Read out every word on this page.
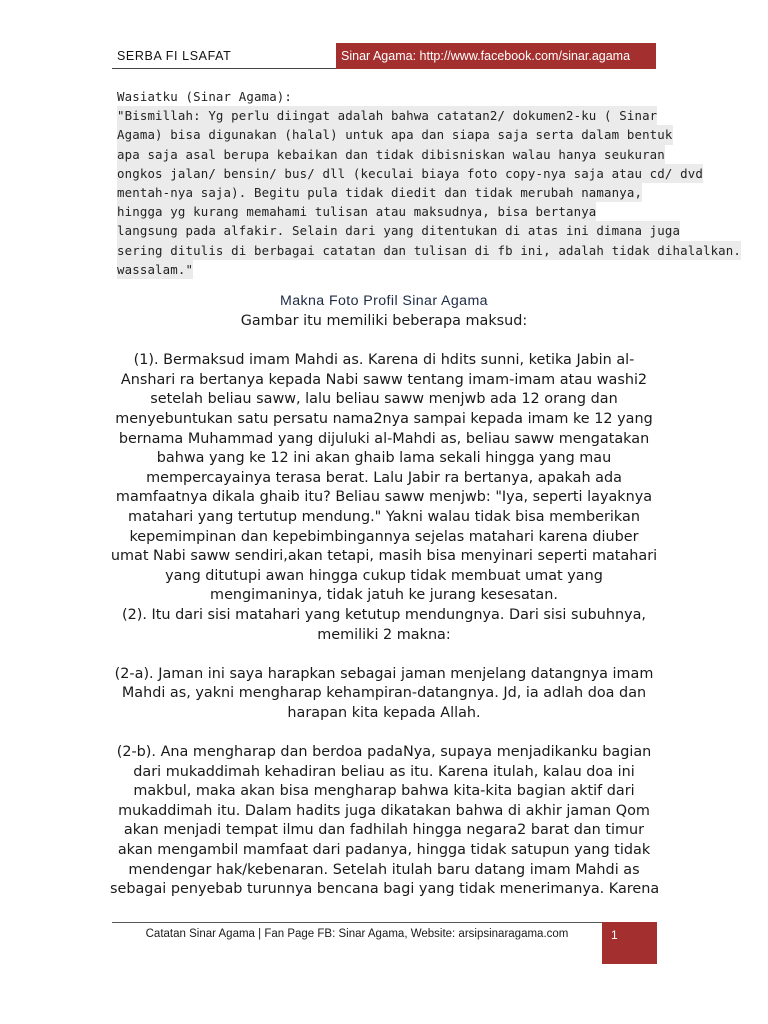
SERBA FI LSAFAT	Sinar Agama: http://www.facebook.com/sinar.agama
Wasiatku (Sinar Agama):
"Bismillah: Yg perlu diingat adalah bahwa catatan2/ dokumen2-ku ( Sinar
Agama) bisa digunakan (halal) untuk apa dan siapa saja serta dalam bentuk
apa saja asal berupa kebaikan dan tidak dibisniskan walau hanya seukuran
ongkos jalan/ bensin/ bus/ dll (keculai biaya foto copy-nya saja atau cd/ dvd
mentah-nya saja). Begitu pula tidak diedit dan tidak merubah namanya,
hingga yg kurang memahami tulisan atau maksudnya, bisa bertanya
langsung pada alfakir. Selain dari yang ditentukan di atas ini dimana juga
sering ditulis di berbagai catatan dan tulisan di fb ini, adalah tidak dihalalkan.
wassalam."
Makna Foto Profil Sinar Agama
Gambar itu memiliki beberapa maksud:
(1). Bermaksud imam Mahdi as. Karena di hdits sunni, ketika Jabin al-
Anshari ra bertanya kepada Nabi saww tentang imam-imam atau washi2
setelah beliau saww, lalu beliau saww menjwb ada 12 orang dan
menyebuntukan satu persatu nama2nya sampai kepada imam ke 12 yang
bernama Muhammad yang dijuluki al-Mahdi as, beliau saww mengatakan
bahwa yang ke 12 ini akan ghaib lama sekali hingga yang mau
mempercayainya terasa berat. Lalu Jabir ra bertanya, apakah ada
mamfaatnya dikala ghaib itu? Beliau saww menjwb: "Iya, seperti layaknya
matahari yang tertutup mendung." Yakni walau tidak bisa memberikan
kepemimpinan dan kepebimbingannya sejelas matahari karena diuber
umat Nabi saww sendiri,akan tetapi, masih bisa menyinari seperti matahari
yang ditutupi awan hingga cukup tidak membuat umat yang
mengimaninya, tidak jatuh ke jurang kesesatan.
(2). Itu dari sisi matahari yang ketutup mendungnya. Dari sisi subuhnya,
memiliki 2 makna:
(2-a). Jaman ini saya harapkan sebagai jaman menjelang datangnya imam
Mahdi as, yakni mengharap kehampiran-datangnya. Jd, ia adlah doa dan
harapan kita kepada Allah.
(2-b). Ana mengharap dan berdoa padaNya, supaya menjadikanku bagian
dari mukaddimah kehadiran beliau as itu. Karena itulah, kalau doa ini
makbul, maka akan bisa mengharap bahwa kita-kita bagian aktif dari
mukaddimah itu. Dalam hadits juga dikatakan bahwa di akhir jaman Qom
akan menjadi tempat ilmu dan fadhilah hingga negara2 barat dan timur
akan mengambil mamfaat dari padanya, hingga tidak satupun yang tidak
mendengar hak/kebenaran. Setelah itulah baru datang imam Mahdi as
sebagai penyebab turunnya bencana bagi yang tidak menerimanya. Karena
Catatan Sinar Agama | Fan Page FB: Sinar Agama, Website: arsipsinaragama.com	1
